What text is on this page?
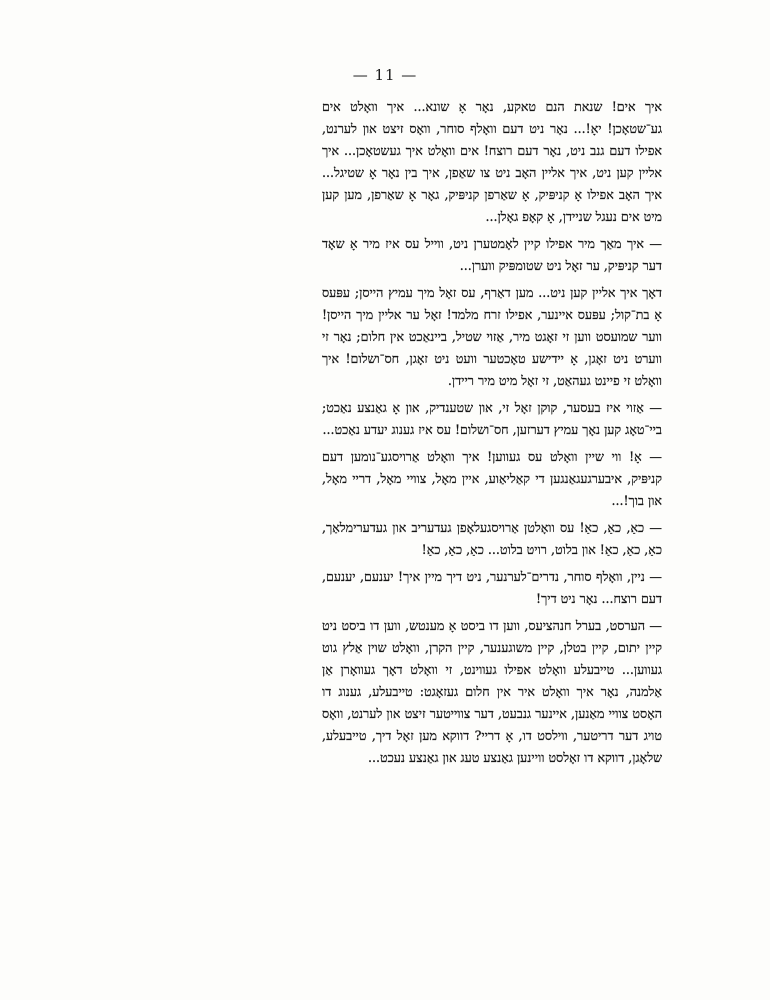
— 11 —

איך אים! שנאת הנם טאקע, נאָר אָ שונא... איך וואָלט אים גע־שטאָכן! יאָ!... נאָר ניט דעם וואָלף סוחר, וואָס זיצט און לערנט, אפילו דעם גנב ניט, נאָר דעם רוצח! אים וואָלט איך געשטאָכן... איך אליין קען ניט, איך אליין האָב ניט צו שאַפן, איך בין נאָר אָ שטיגל... איך האָב אפילו אָ קניפּיק, אָ שאַרפן קניפּיק, גאָר אָ שאַרפן, מען קען מיט אים נעגל שניידן, אָ קאָפ גאָלן...

— איך מאַך מיר אפילו קיין לאָמטערן ניט, ווייל עס איז מיר אָ שאָד דער קניפּיק, ער זאָל ניט שטומפּיק ווערן...

דאָך איך אליין קען ניט... מען דאַרף, עס זאָל מיך עמיץ הייסן; עפּעס אָ בת־קול; עפּעס איינער, אפילו זרח מלמד! זאָל ער אליין מיך הייסן! ווער שמועסט ווען זי זאָגט מיר, אַזוי שטיל, ביינאַכט אין חלום; נאָר זי ווערט ניט זאָגן, אָ יידישע טאָכטער וועט ניט זאָגן, חס־ושלום! איך וואָלט זי פיינט געהאַט, זי זאָל מיט מיר ריידן.

— אַזוי איז בעסער, קוקן זאָל זי, און שטענדיק, און אָ גאַנצע נאַכט; ביי־טאָג קען נאָך עמיץ דערזען, חס־ושלום! עס איז גענוג יעדע נאַכט...

— אָ! ווי שיין וואָלט עס געווען! איך וואָלט אַרויסגע־נומען דעם קניפּיק, איבערגעגאַנגען די קאַליאַוע, איין מאָל, צוויי מאָל, דריי מאָל, און בוך!...

— כאַ, כאַ, כאַ! עס וואָלטן אַרויסגעלאָפן געדעריב און געדערימלאַך, כאַ, כאַ, כאַ! און בלוט, רויט בלוט... כאַ, כאַ, כאַ!

— ניין, וואָלף סוחר, נדרים־לערנער, ניט דיך מיין איך! יענעם, יענעם, דעם רוצח... נאָר ניט דיך!

— הערסט, בערל חנהציעס, ווען דו ביסט אָ מענטש, ווען דו ביסט ניט קיין יתום, קיין בטלן, קיין משוגענער, קיין הקרן, וואָלט שוין אַלץ גוט געווען... טייבעלע וואָלט אפילו געווינט, זי וואָלט דאָך געוואָרן אַן אַלמנה, נאָר איך וואָלט איר אין חלום געזאָגט: טייבעלע, גענוג דו האָסט צוויי מאַנען, איינער גנבעט, דער צווייטער זיצט און לערנט, וואָס טויג דער דריטער, ווילסט דו, אָ דריי? דווקא מען זאָל דיך, טייבעלע, שלאָגן, דווקא דו זאָלסט וויינען גאַנצע טעג און גאַנצע נעכט...
